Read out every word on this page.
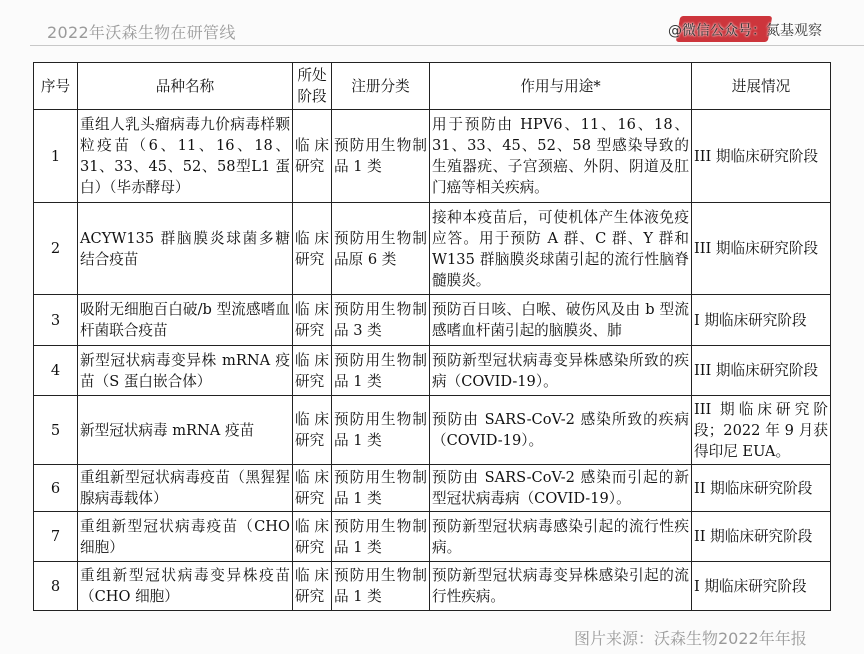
2022年沃森生物在研管线	@微信公众号：氮基观察
序号	品种名称	所处阶段	注册分类	作用与用途*	进展情况
1	重组人乳头瘤病毒九价病毒样颗粒疫苗（6、11、16、18、31、33、45、52、58型L1 蛋白）（毕赤酵母）	临床研究	预防用生物制品 1 类	用于预防由 HPV6、11、16、18、31、33、45、52、58 型感染导致的生殖器疣、子宫颈癌、外阴、阴道及肛门癌等相关疾病。	III 期临床研究阶段
2	ACYW135 群脑膜炎球菌多糖结合疫苗	临床研究	预防用生物制品原 6 类	接种本疫苗后，可使机体产生体液免疫应答。用于预防 A 群、C 群、Y 群和 W135 群脑膜炎球菌引起的流行性脑脊髓膜炎。	III 期临床研究阶段
3	吸附无细胞百白破/b 型流感嗜血杆菌联合疫苗	临床研究	预防用生物制品 3 类	预防百日咳、白喉、破伤风及由 b 型流感嗜血杆菌引起的脑膜炎、肺	I 期临床研究阶段
4	新型冠状病毒变异株 mRNA 疫苗（S 蛋白嵌合体）	临床研究	预防用生物制品 1 类	预防新型冠状病毒变异株感染所致的疾病（COVID-19）。	III 期临床研究阶段
5	新型冠状病毒 mRNA 疫苗	临床研究	预防用生物制品 1 类	预防由 SARS-CoV-2 感染所致的疾病（COVID-19）。	III 期临床研究阶段；2022 年 9 月获得印尼 EUA。
6	重组新型冠状病毒疫苗（黑猩猩腺病毒载体）	临床研究	预防用生物制品 1 类	预防由 SARS-CoV-2 感染而引起的新型冠状病毒病（COVID-19）。	II 期临床研究阶段
7	重组新型冠状病毒疫苗（CHO 细胞）	临床研究	预防用生物制品 1 类	预防新型冠状病毒感染引起的流行性疾病。	II 期临床研究阶段
8	重组新型冠状病毒变异株疫苗（CHO 细胞）	临床研究	预防用生物制品 1 类	预防新型冠状病毒变异株感染引起的流行性疾病。	I 期临床研究阶段
图片来源：沃森生物2022年年报
